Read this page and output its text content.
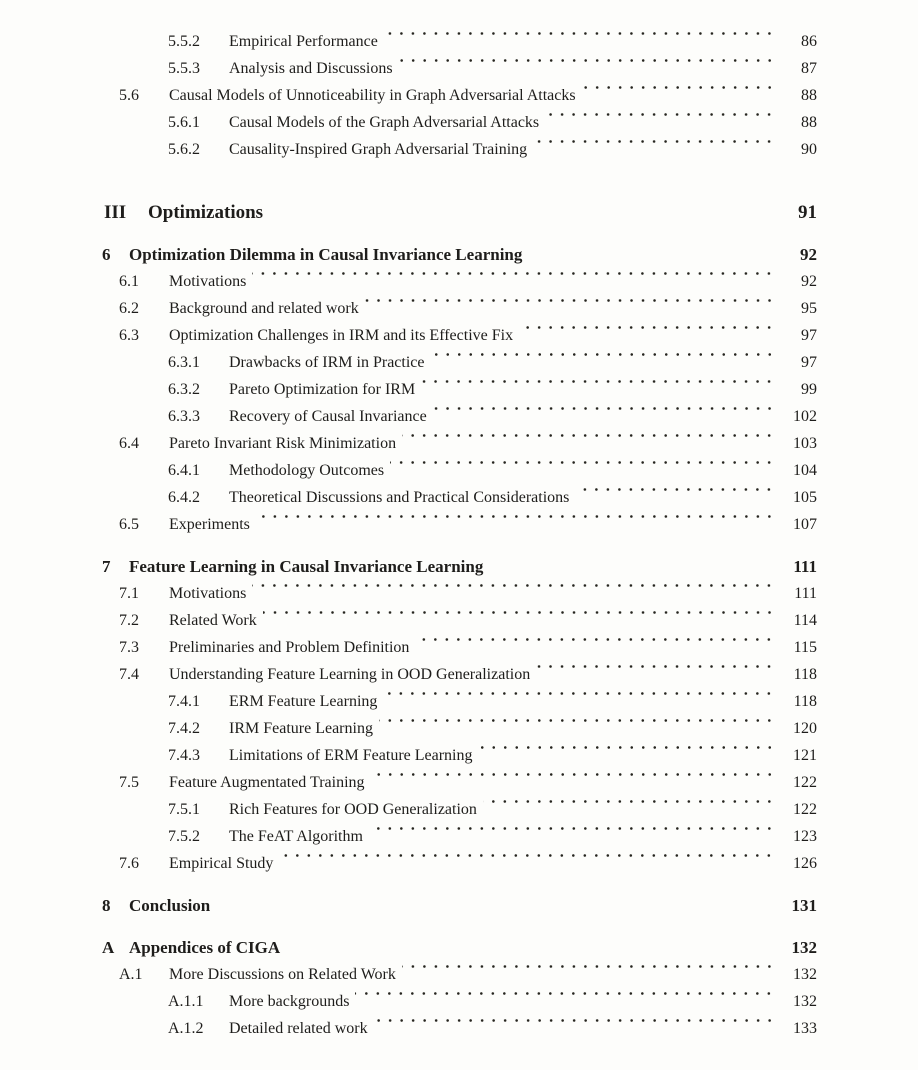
5.5.2	Empirical Performance	86
5.5.3	Analysis and Discussions	87
5.6	Causal Models of Unnoticeability in Graph Adversarial Attacks	88
5.6.1	Causal Models of the Graph Adversarial Attacks	88
5.6.2	Causality-Inspired Graph Adversarial Training	90
III	Optimizations	91
6	Optimization Dilemma in Causal Invariance Learning	92
6.1	Motivations	92
6.2	Background and related work	95
6.3	Optimization Challenges in IRM and its Effective Fix	97
6.3.1	Drawbacks of IRM in Practice	97
6.3.2	Pareto Optimization for IRM	99
6.3.3	Recovery of Causal Invariance	102
6.4	Pareto Invariant Risk Minimization	103
6.4.1	Methodology Outcomes	104
6.4.2	Theoretical Discussions and Practical Considerations	105
6.5	Experiments	107
7	Feature Learning in Causal Invariance Learning	111
7.1	Motivations	111
7.2	Related Work	114
7.3	Preliminaries and Problem Definition	115
7.4	Understanding Feature Learning in OOD Generalization	118
7.4.1	ERM Feature Learning	118
7.4.2	IRM Feature Learning	120
7.4.3	Limitations of ERM Feature Learning	121
7.5	Feature Augmentated Training	122
7.5.1	Rich Features for OOD Generalization	122
7.5.2	The FeAT Algorithm	123
7.6	Empirical Study	126
8	Conclusion	131
A Appendices of CIGA	132
A.1	More Discussions on Related Work	132
A.1.1	More backgrounds	132
A.1.2	Detailed related work	133
